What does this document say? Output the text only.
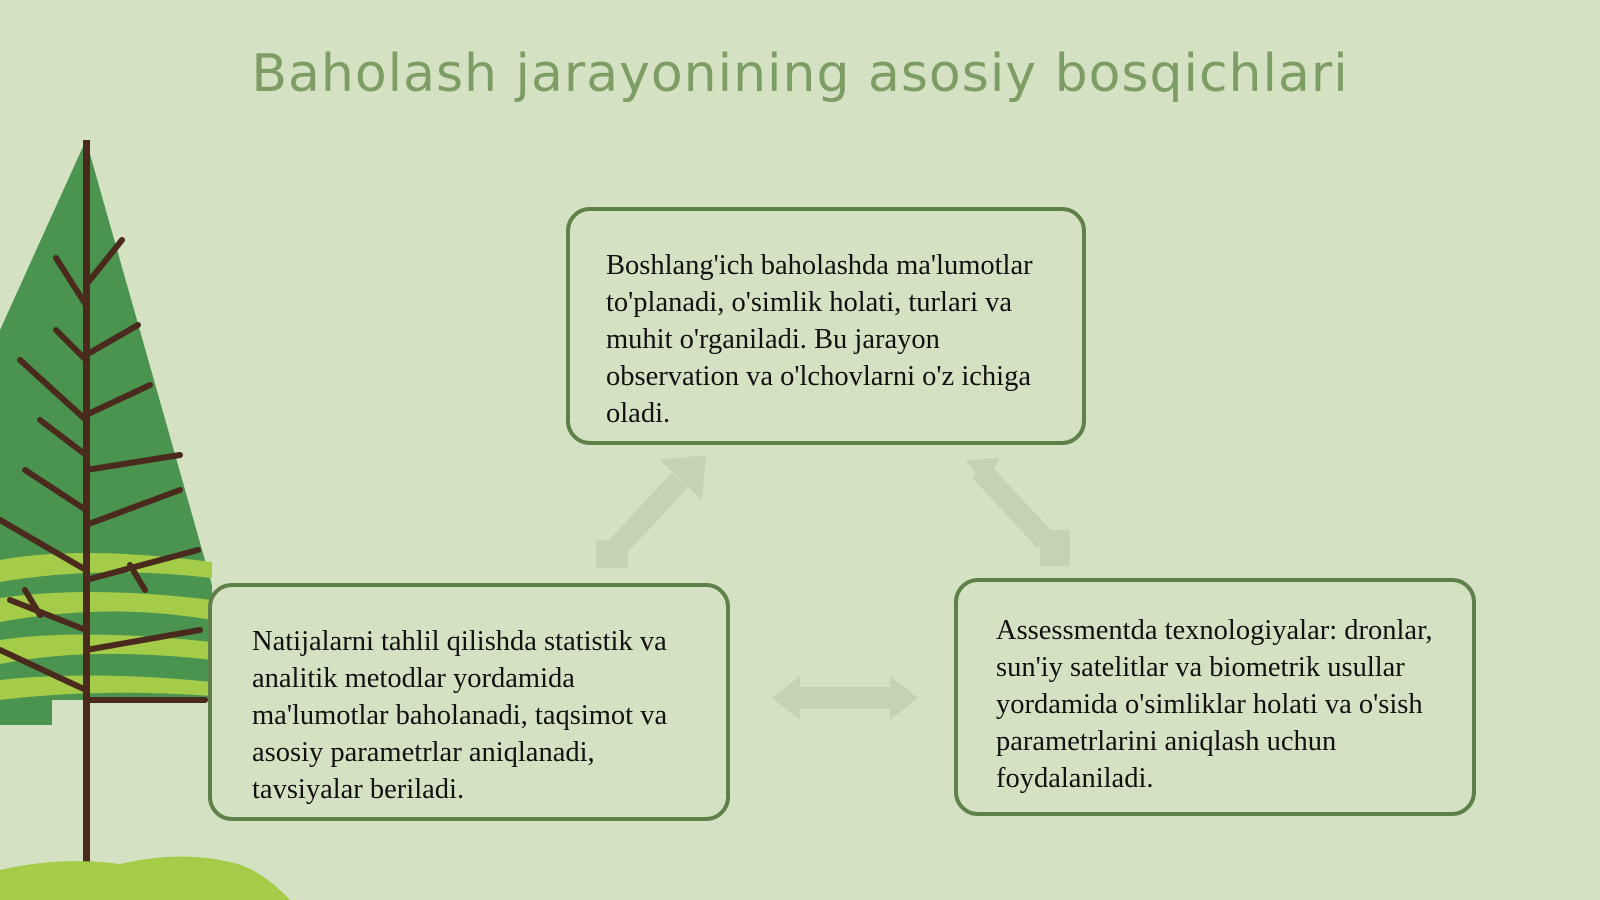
Baholash jarayonining asosiy bosqichlari

Boshlang'ich baholashda ma'lumotlar to'planadi, o'simlik holati, turlari va muhit o'rganiladi. Bu jarayon observation va o'lchovlarni o'z ichiga oladi.

Assessmentda texnologiyalar: dronlar, sun'iy satelitlar va biometrik usullar yordamida o'simliklar holati va o'sish parametrlarini aniqlash uchun foydalaniladi.

Natijalarni tahlil qilishda statistik va analitik metodlar yordamida ma'lumotlar baholanadi, taqsimot va asosiy parametrlar aniqlanadi, tavsiyalar beriladi.
